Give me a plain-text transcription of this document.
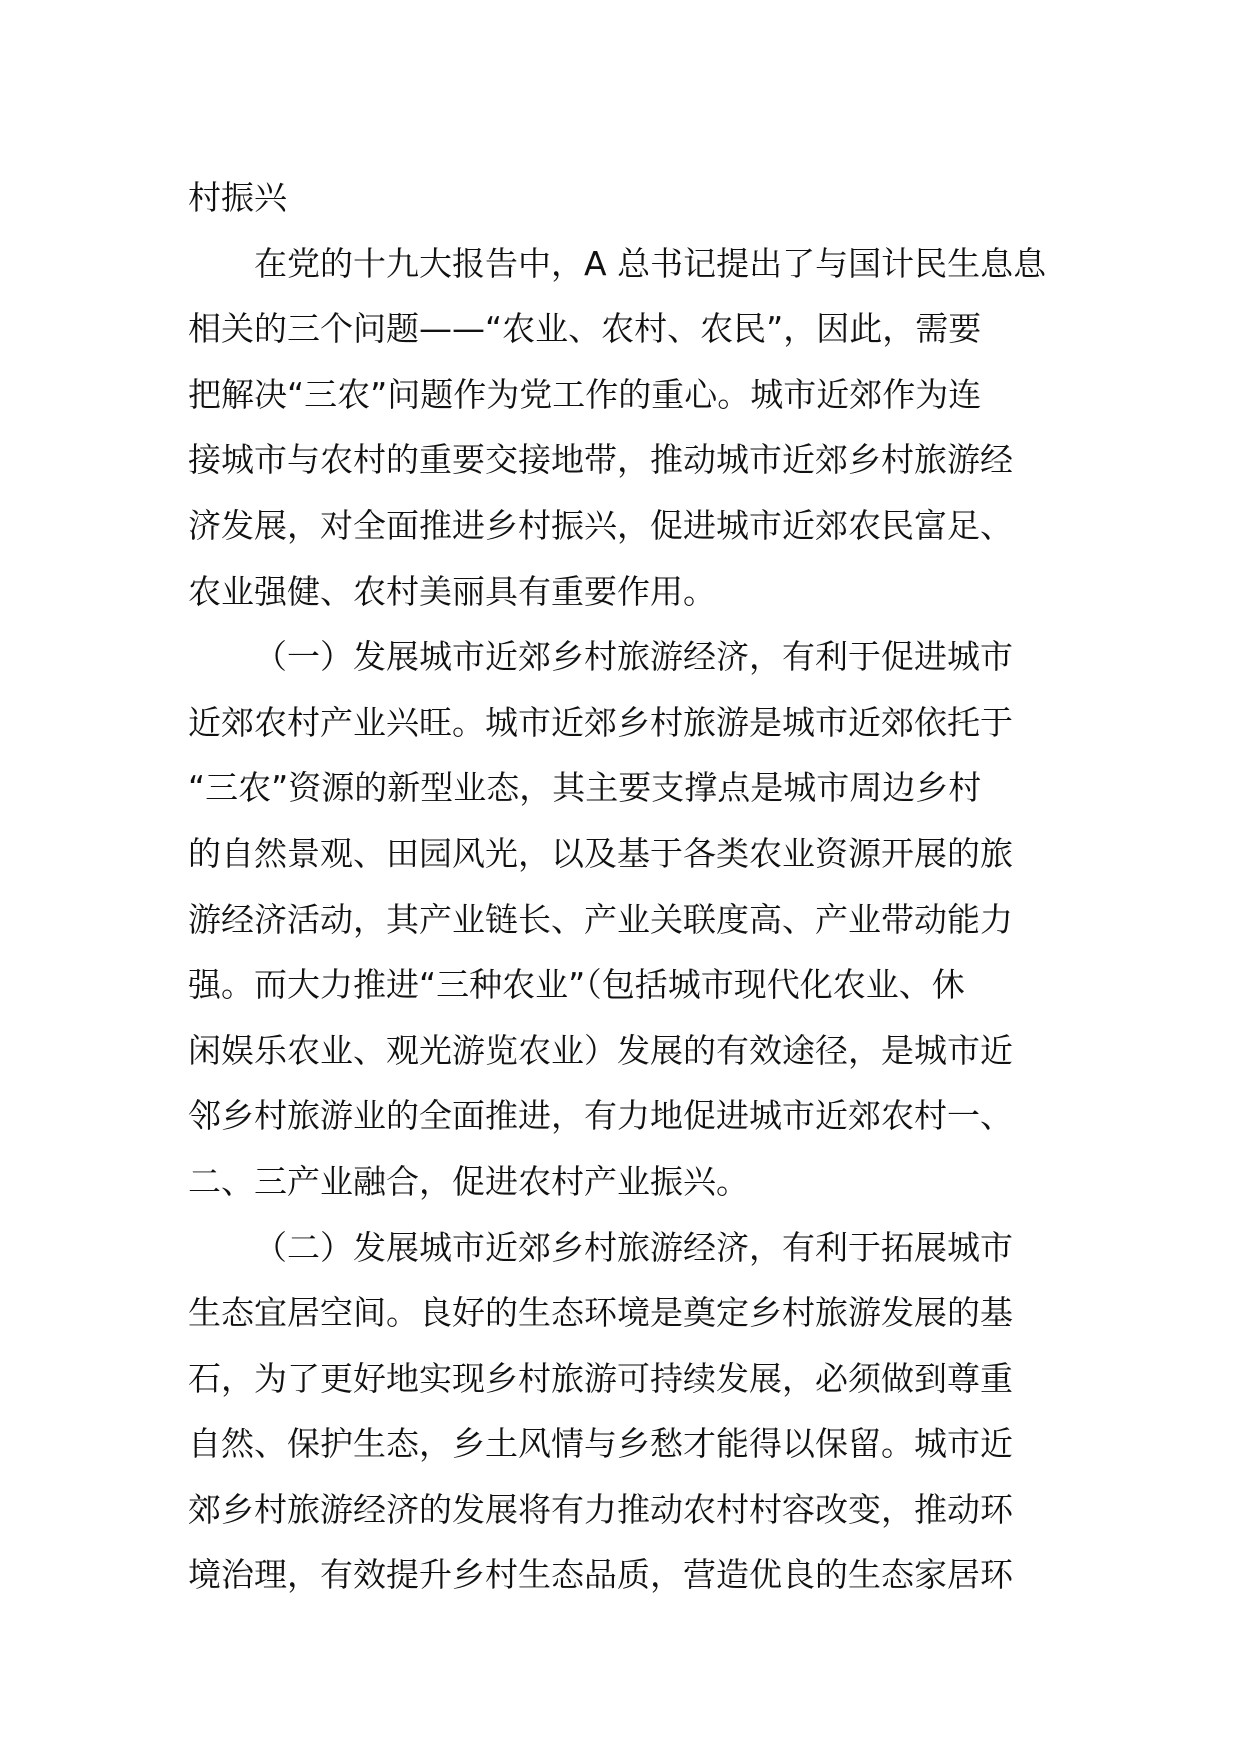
村振兴
在党的十九大报告中，A 总书记提出了与国计民生息息
相关的三个问题——“农业、农村、农民”，因此，需要
把解决“三农”问题作为党工作的重心。城市近郊作为连
接城市与农村的重要交接地带，推动城市近郊乡村旅游经
济发展，对全面推进乡村振兴，促进城市近郊农民富足、
农业强健、农村美丽具有重要作用。
（一）发展城市近郊乡村旅游经济，有利于促进城市
近郊农村产业兴旺。城市近郊乡村旅游是城市近郊依托于
“三农”资源的新型业态，其主要支撑点是城市周边乡村
的自然景观、田园风光，以及基于各类农业资源开展的旅
游经济活动，其产业链长、产业关联度高、产业带动能力
强。而大力推进“三种农业”（包括城市现代化农业、休
闲娱乐农业、观光游览农业）发展的有效途径，是城市近
邻乡村旅游业的全面推进，有力地促进城市近郊农村一、
二、三产业融合，促进农村产业振兴。
（二）发展城市近郊乡村旅游经济，有利于拓展城市
生态宜居空间。良好的生态环境是奠定乡村旅游发展的基
石，为了更好地实现乡村旅游可持续发展，必须做到尊重
自然、保护生态，乡土风情与乡愁才能得以保留。城市近
郊乡村旅游经济的发展将有力推动农村村容改变，推动环
境治理，有效提升乡村生态品质，营造优良的生态家居环
